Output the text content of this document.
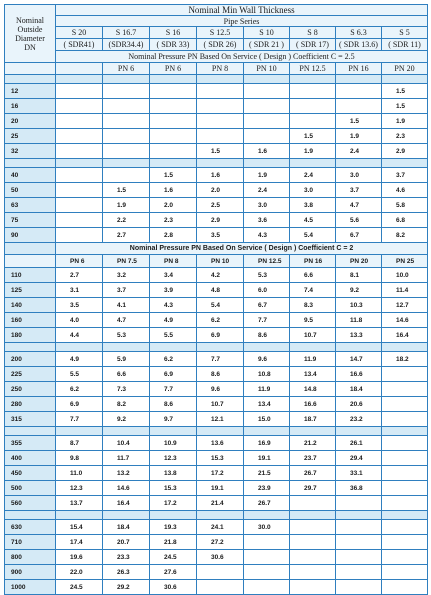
Nominal
Outside
Diameter
DN	Nominal Min Wall Thickness							
	Pipe Series							
	S 20	S 16.7	S 16	S 12.5	S 10	S 8	S 6.3	S 5
	( SDR41)	(SDR34.4)	( SDR 33)	( SDR 26)	( SDR 21 )	( SDR 17)	( SDR 13.6)	( SDR 11)
	Nominal Pressure PN Based On Service ( Design ) Coefficient C = 2.5							
		PN 6	PN 6	PN 8	PN 10	PN 12.5	PN 16	PN 20

12								1.5
16								1.5
20							1.5	1.9
25						1.5	1.9	2.3
32				1.5	1.6	1.9	2.4	2.9

40			1.5	1.6	1.9	2.4	3.0	3.7
50		1.5	1.6	2.0	2.4	3.0	3.7	4.6
63		1.9	2.0	2.5	3.0	3.8	4.7	5.8
75		2.2	2.3	2.9	3.6	4.5	5.6	6.8
90		2.7	2.8	3.5	4.3	5.4	6.7	8.2
	Nominal Pressure PN Based On Service ( Design ) Coefficient C = 2							
	PN 6	PN 7.5	PN 8	PN 10	PN 12.5	PN 16	PN 20	PN 25
110	2.7	3.2	3.4	4.2	5.3	6.6	8.1	10.0
125	3.1	3.7	3.9	4.8	6.0	7.4	9.2	11.4
140	3.5	4.1	4.3	5.4	6.7	8.3	10.3	12.7
160	4.0	4.7	4.9	6.2	7.7	9.5	11.8	14.6
180	4.4	5.3	5.5	6.9	8.6	10.7	13.3	16.4

200	4.9	5.9	6.2	7.7	9.6	11.9	14.7	18.2
225	5.5	6.6	6.9	8.6	10.8	13.4	16.6	
250	6.2	7.3	7.7	9.6	11.9	14.8	18.4	
280	6.9	8.2	8.6	10.7	13.4	16.6	20.6	
315	7.7	9.2	9.7	12.1	15.0	18.7	23.2	

355	8.7	10.4	10.9	13.6	16.9	21.2	26.1	
400	9.8	11.7	12.3	15.3	19.1	23.7	29.4	
450	11.0	13.2	13.8	17.2	21.5	26.7	33.1	
500	12.3	14.6	15.3	19.1	23.9	29.7	36.8	
560	13.7	16.4	17.2	21.4	26.7			

630	15.4	18.4	19.3	24.1	30.0			
710	17.4	20.7	21.8	27.2				
800	19.6	23.3	24.5	30.6				
900	22.0	26.3	27.6					
1000	24.5	29.2	30.6					
